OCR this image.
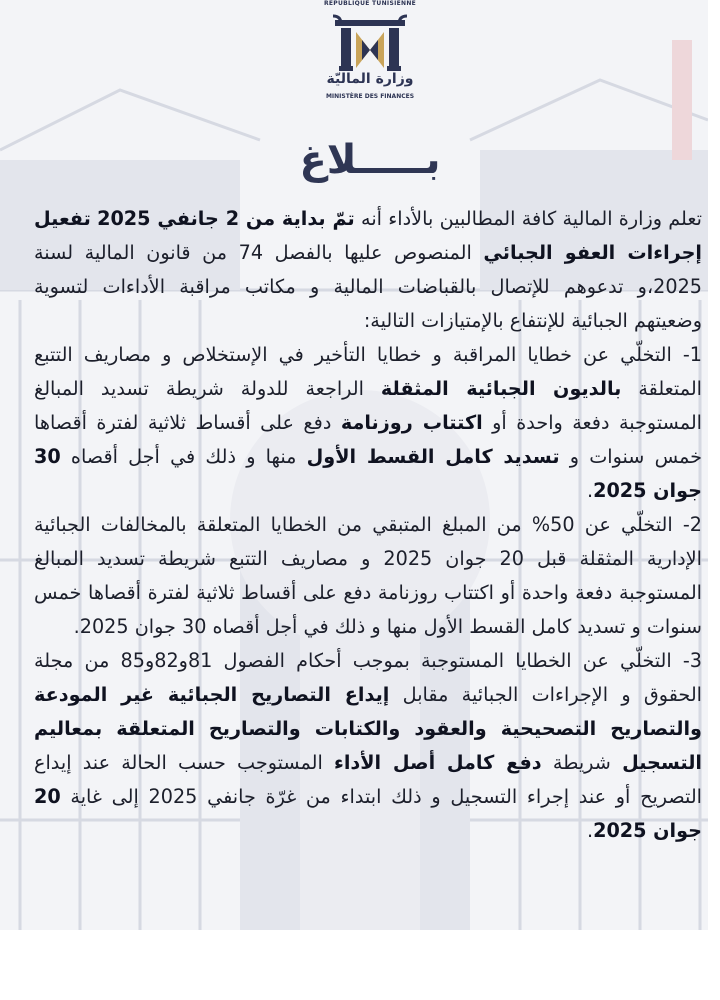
RÉPUBLIQUE TUNISIENNE
وزارة الماليّة
MINISTÈRE DES FINANCES
بـــــلاغ

تعلم وزارة المالية كافة المطالبين بالأداء أنه تمّ بداية من 2 جانفي 2025 تفعيل إجراءات العفو الجبائي المنصوص عليها بالفصل 74 من قانون المالية لسنة 2025،و تدعوهم للإتصال بالقباضات المالية و مكاتب مراقبة الأداءات لتسوية وضعيتهم الجبائية للإنتفاع بالإمتيازات التالية:

1- التخلّي عن خطايا المراقبة و خطايا التأخير في الإستخلاص و مصاريف التتبع المتعلقة بالديون الجبائية المثقلة الراجعة للدولة شريطة تسديد المبالغ المستوجبة دفعة واحدة أو اكتتاب روزنامة دفع على أقساط ثلاثية لفترة أقصاها خمس سنوات و تسديد كامل القسط الأول منها و ذلك في أجل أقصاه 30 جوان 2025.

2- التخلّي عن 50% من المبلغ المتبقي من الخطايا المتعلقة بالمخالفات الجبائية الإدارية المثقلة قبل 20 جوان 2025 و مصاريف التتبع شريطة تسديد المبالغ المستوجبة دفعة واحدة أو اكتتاب روزنامة دفع على أقساط ثلاثية لفترة أقصاها خمس سنوات و تسديد كامل القسط الأول منها و ذلك في أجل أقصاه 30 جوان 2025.

3- التخلّي عن الخطايا المستوجبة بموجب أحكام الفصول 81و82و85 من مجلة الحقوق و الإجراءات الجبائية مقابل إيداع التصاريح الجبائية غير المودعة والتصاريح التصحيحية والعقود والكتابات والتصاريح المتعلقة بمعاليم التسجيل شريطة دفع كامل أصل الأداء المستوجب حسب الحالة عند إيداع التصريح أو عند إجراء التسجيل و ذلك ابتداء من غرّة جانفي 2025 إلى غاية 20 جوان 2025.
